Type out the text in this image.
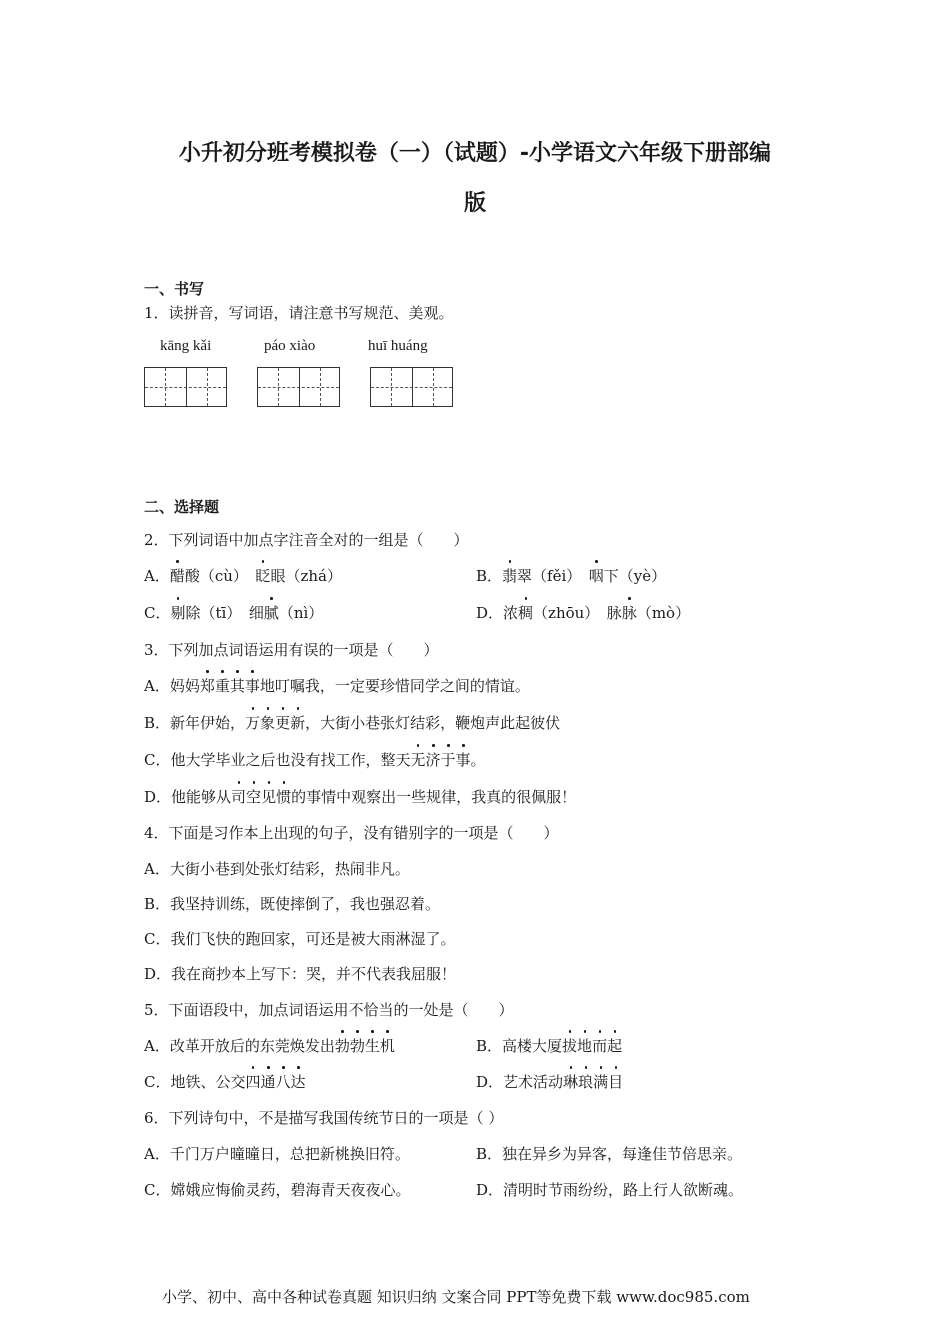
小升初分班考模拟卷（一）（试题）-小学语文六年级下册部编
版
一、书写
1．读拼音，写词语，请注意书写规范、美观。
kāng kǎi	páo xiào	huī huáng
二、选择题
2．下列词语中加点字注音全对的一组是（　　）
A．醋酸（cù）　眨眼（zhá）	B．翡翠（fěi）　咽下（yè）
C．剔除（tī）　细腻（nì）	D．浓稠（zhōu）　脉脉（mò）
3．下列加点词语运用有误的一项是（　　）
A．妈妈郑重其事地叮嘱我，一定要珍惜同学之间的情谊。
B．新年伊始，万象更新，大街小巷张灯结彩，鞭炮声此起彼伏
C．他大学毕业之后也没有找工作，整天无济于事。
D．他能够从司空见惯的事情中观察出一些规律，我真的很佩服！
4．下面是习作本上出现的句子，没有错别字的一项是（　　）
A．大街小巷到处张灯结彩，热闹非凡。
B．我坚持训练，既使摔倒了，我也强忍着。
C．我们飞快的跑回家，可还是被大雨淋湿了。
D．我在商抄本上写下：哭，并不代表我屈服！
5．下面语段中，加点词语运用不恰当的一处是（　　）
A．改革开放后的东莞焕发出勃勃生机	B．高楼大厦拔地而起
C．地铁、公交四通八达	D．艺术活动琳琅满目
6．下列诗句中，不是描写我国传统节日的一项是（ ）
A．千门万户曈曈日，总把新桃换旧符。	B．独在异乡为异客，每逢佳节倍思亲。
C．嫦娥应悔偷灵药，碧海青天夜夜心。	D．清明时节雨纷纷，路上行人欲断魂。
小学、初中、高中各种试卷真题 知识归纳 文案合同 PPT等免费下载 www.doc985.com
